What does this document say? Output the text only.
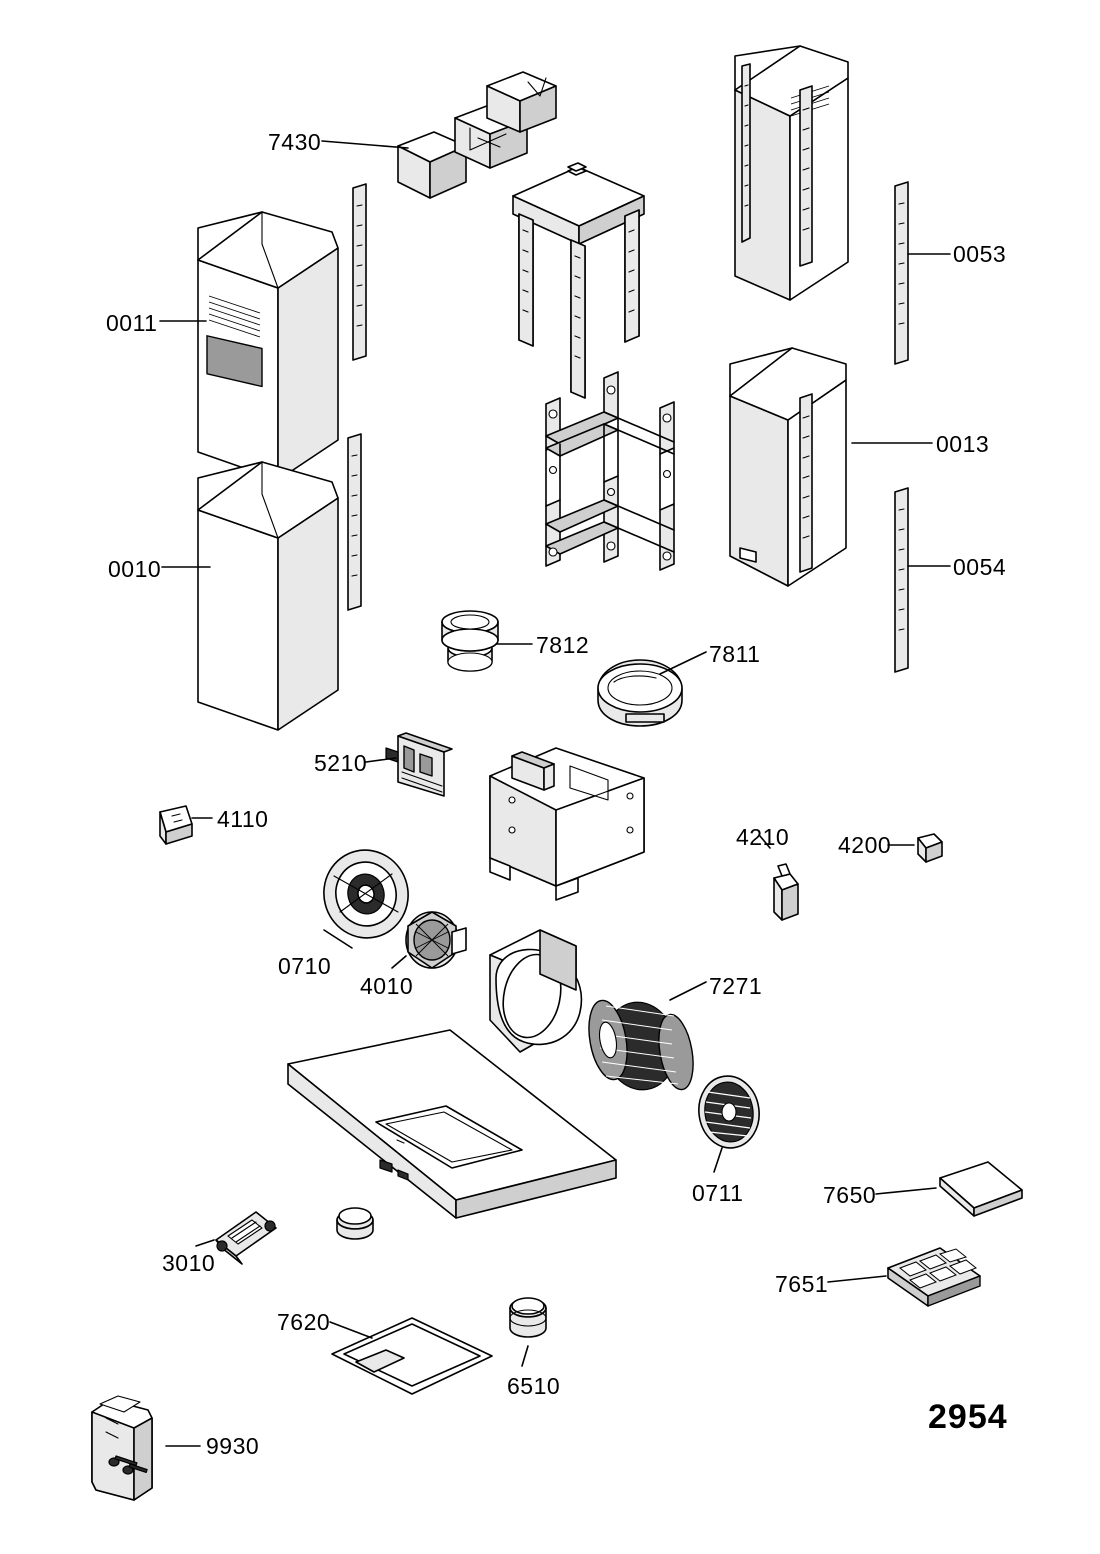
7430
0053
0011
0013
0010	0054
7812	7811
5210
4110
4210 4200
0710
4010	7271
0711	7650
3010
7651
7620
6510
9930
2954
